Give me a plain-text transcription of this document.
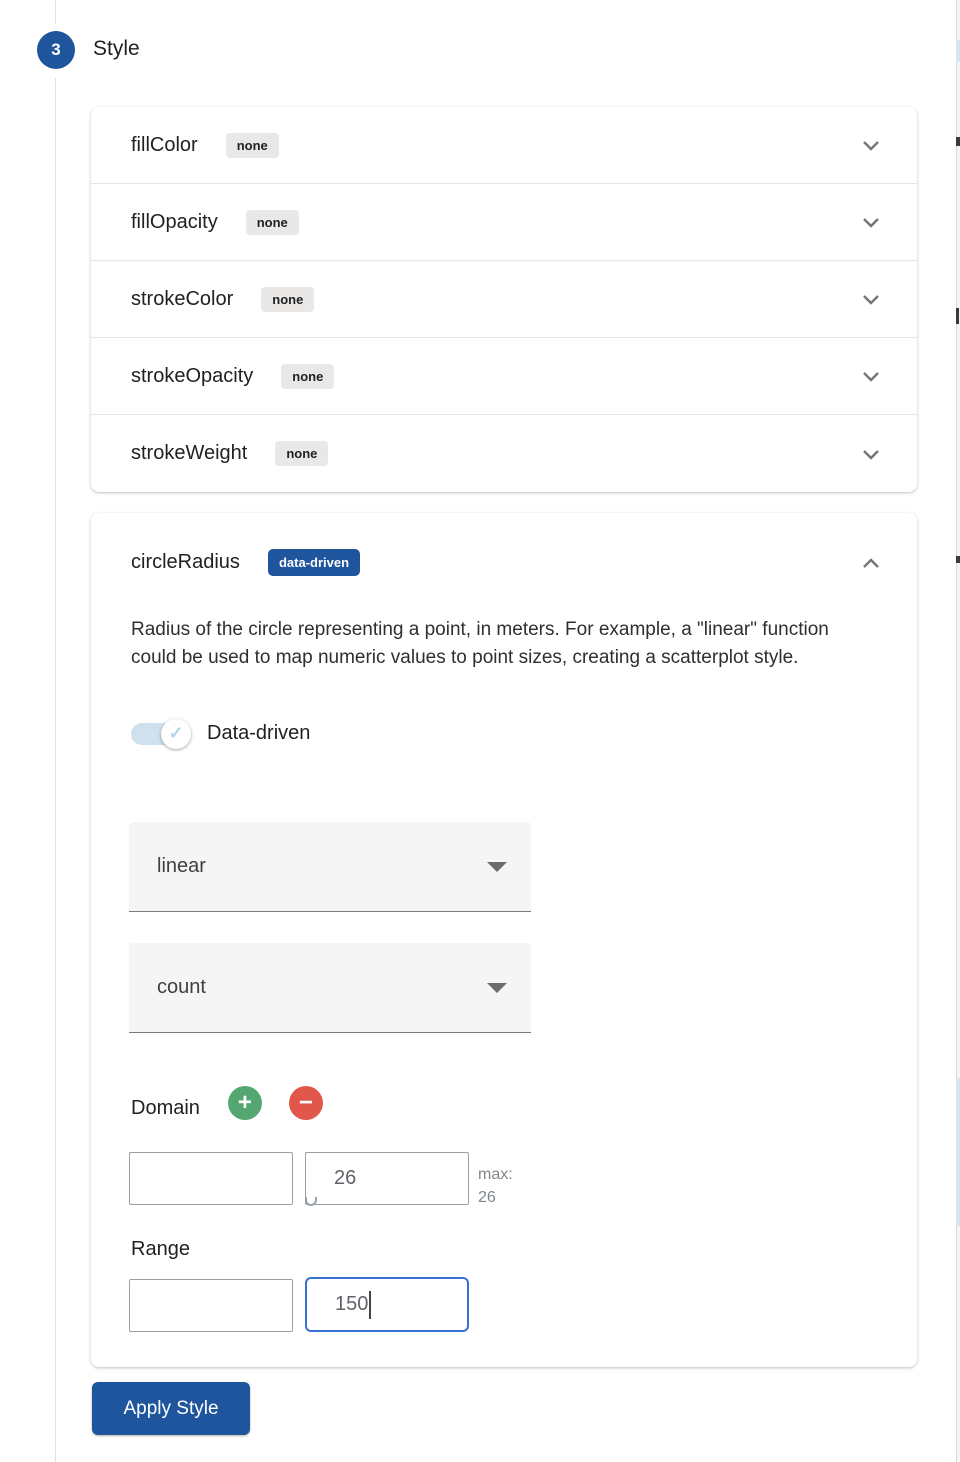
3 Style
fillColor	none
fillOpacity	none
strokeColor	none
strokeOpacity	none
strokeWeight	none
circleRadius	data-driven
Radius of the circle representing a point, in meters. For example, a "linear" function could be used to map numeric values to point sizes, creating a scatterplot style.
✓ Data-driven
linear
count
Domain + −
26
max:
26
Range
150
Apply Style
